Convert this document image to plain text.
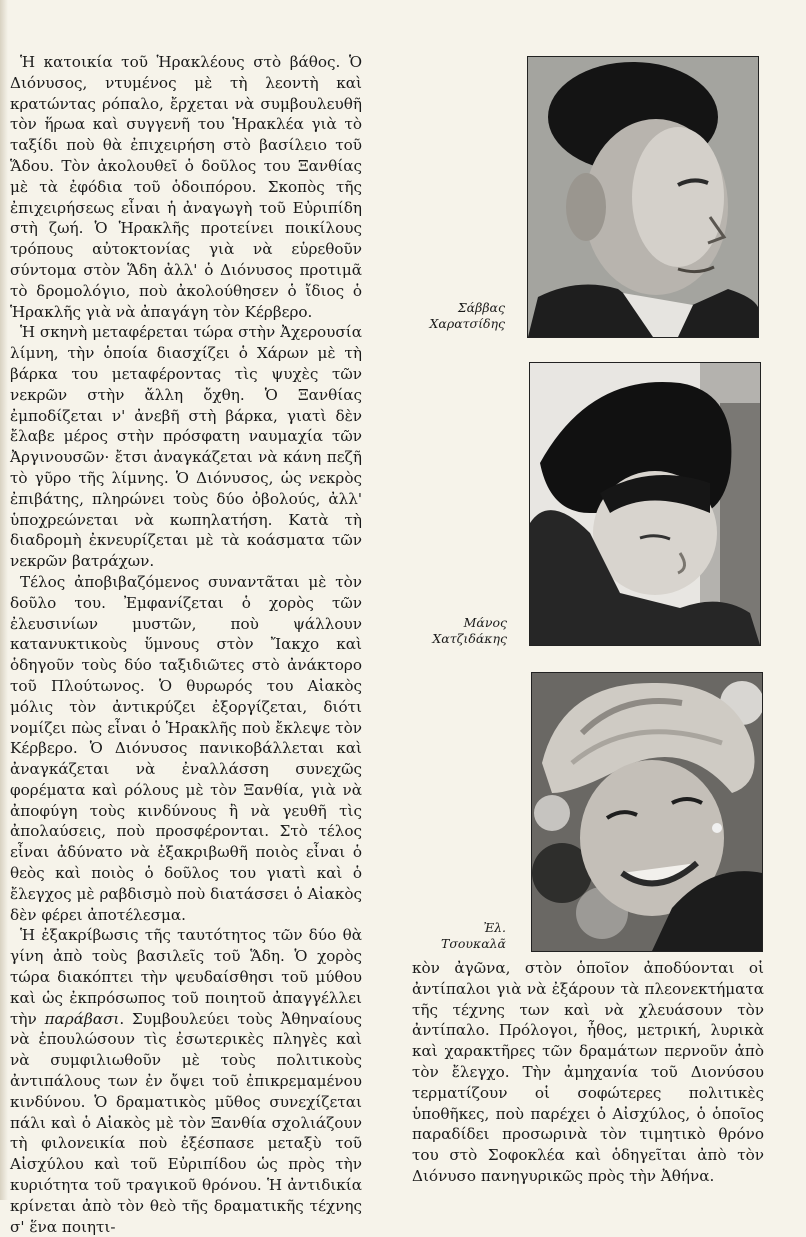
Ἡ κατοικία τοῦ Ἡρακλέους στὸ βάθος. Ὁ Διόνυσος, ντυμένος μὲ τὴ λεοντὴ καὶ κρατώντας ρόπαλο, ἔρχεται νὰ συμβουλευθῆ τὸν ἥρωα καὶ συγγενῆ του Ἡρακλέα γιὰ τὸ ταξίδι ποὺ θὰ ἐπιχειρήση στὸ βασίλειο τοῦ Ἅδου. Τὸν ἀκολουθεῖ ὁ δοῦλος του Ξανθίας μὲ τὰ ἐφόδια τοῦ ὁδοιπόρου. Σκοπὸς τῆς ἐπιχειρήσεως εἶναι ἡ ἀναγωγὴ τοῦ Εὐριπίδη στὴ ζωή. Ὁ Ἡρακλῆς προτείνει ποικίλους τρόπους αὐτοκτονίας γιὰ νὰ εὑρεθοῦν σύντομα στὸν Ἅδη ἀλλ' ὁ Διόνυσος προτιμᾶ τὸ δρομολόγιο, ποὺ ἀκολούθησεν ὁ ἴδιος ὁ Ἡρακλῆς γιὰ νὰ ἀπαγάγη τὸν Κέρβερο.

Ἡ σκηνὴ μεταφέρεται τώρα στὴν Ἀχερουσία λίμνη, τὴν ὁποία διασχίζει ὁ Χάρων μὲ τὴ βάρκα του μεταφέροντας τὶς ψυχὲς τῶν νεκρῶν στὴν ἄλλη ὄχθη. Ὁ Ξανθίας ἐμποδίζεται ν' ἀνεβῆ στὴ βάρκα, γιατὶ δὲν ἔλαβε μέρος στὴν πρόσφατη ναυμαχία τῶν Ἀργινουσῶν· ἔτσι ἀναγκάζεται νὰ κάνη πεζῆ τὸ γῦρο τῆς λίμνης. Ὁ Διόνυσος, ὡς νεκρὸς ἐπιβάτης, πληρώνει τοὺς δύο ὀβολούς, ἀλλ' ὑποχρεώνεται νὰ κωπηλατήση. Κατὰ τὴ διαδρομὴ ἐκνευρίζεται μὲ τὰ κοάσματα τῶν νεκρῶν βατράχων.

Τέλος ἀποβιβαζόμενος συναντᾶται μὲ τὸν δοῦλο του. Ἐμφανίζεται ὁ χορὸς τῶν ἐλευσινίων μυστῶν, ποὺ ψάλλουν κατανυκτικοὺς ὕμνους στὸν Ἴακχο καὶ ὁδηγοῦν τοὺς δύο ταξιδιῶτες στὸ ἀνάκτορο τοῦ Πλούτωνος. Ὁ θυρωρός του Αἰακὸς μόλις τὸν ἀντικρύζει ἐξοργίζεται, διότι νομίζει πὼς εἶναι ὁ Ἡρακλῆς ποὺ ἔκλεψε τὸν Κέρβερο. Ὁ Διόνυσος πανικοβάλλεται καὶ ἀναγκάζεται νὰ ἐναλλάσση συνεχῶς φορέματα καὶ ρόλους μὲ τὸν Ξανθία, γιὰ νὰ ἀποφύγη τοὺς κινδύνους ἢ νὰ γευθῆ τὶς ἀπολαύσεις, ποὺ προσφέρονται. Στὸ τέλος εἶναι ἀδύνατο νὰ ἐξακριβωθῆ ποιὸς εἶναι ὁ θεὸς καὶ ποιὸς ὁ δοῦλος του γιατὶ καὶ ὁ ἔλεγχος μὲ ραβδισμὸ ποὺ διατάσσει ὁ Αἰακὸς δὲν φέρει ἀποτέλεσμα.

Ἡ ἐξακρίβωσις τῆς ταυτότητος τῶν δύο θὰ γίνη ἀπὸ τοὺς βασιλεῖς τοῦ Ἅδη. Ὁ χορὸς τώρα διακόπτει τὴν ψευδαίσθησι τοῦ μύθου καὶ ὡς ἐκπρόσωπος τοῦ ποιητοῦ ἀπαγγέλλει τὴν παράβασι. Συμβουλεύει τοὺς Ἀθηναίους νὰ ἐπουλώσουν τὶς ἐσωτερικὲς πληγὲς καὶ νὰ συμφιλιωθοῦν μὲ τοὺς πολιτικοὺς ἀντιπάλους των ἐν ὄψει τοῦ ἐπικρεμαμένου κινδύνου. Ὁ δραματικὸς μῦθος συνεχίζεται πάλι καὶ ὁ Αἰακὸς μὲ τὸν Ξανθία σχολιάζουν τὴ φιλονεικία ποὺ ἐξέσπασε μεταξὺ τοῦ Αἰσχύλου καὶ τοῦ Εὐριπίδου ὡς πρὸς τὴν κυριότητα τοῦ τραγικοῦ θρόνου. Ἡ ἀντιδικία κρίνεται ἀπὸ τὸν θεὸ τῆς δραματικῆς τέχνης σ' ἕνα ποιητι-

Σάββας
Χαρατσίδης
Μάνος
Χατζιδάκης
Ἐλ.
Τσουκαλᾶ

κὸν ἀγῶνα, στὸν ὁποῖον ἀποδύονται οἱ ἀντίπαλοι γιὰ νὰ ἐξάρουν τὰ πλεονεκτήματα τῆς τέχνης των καὶ νὰ χλευάσουν τὸν ἀντίπαλο. Πρόλογοι, ἦθος, μετρική, λυρικὰ καὶ χαρακτῆρες τῶν δραμάτων περνοῦν ἀπὸ τὸν ἔλεγχο. Τὴν ἀμηχανία τοῦ Διονύσου τερματίζουν οἱ σοφώτερες πολιτικὲς ὑποθῆκες, ποὺ παρέχει ὁ Αἰσχύλος, ὁ ὁποῖος παραδίδει προσωρινὰ τὸν τιμητικὸ θρόνο του στὸ Σοφοκλέα καὶ ὁδηγεῖται ἀπὸ τὸν Διόνυσο πανηγυρικῶς πρὸς τὴν Ἀθήνα.
